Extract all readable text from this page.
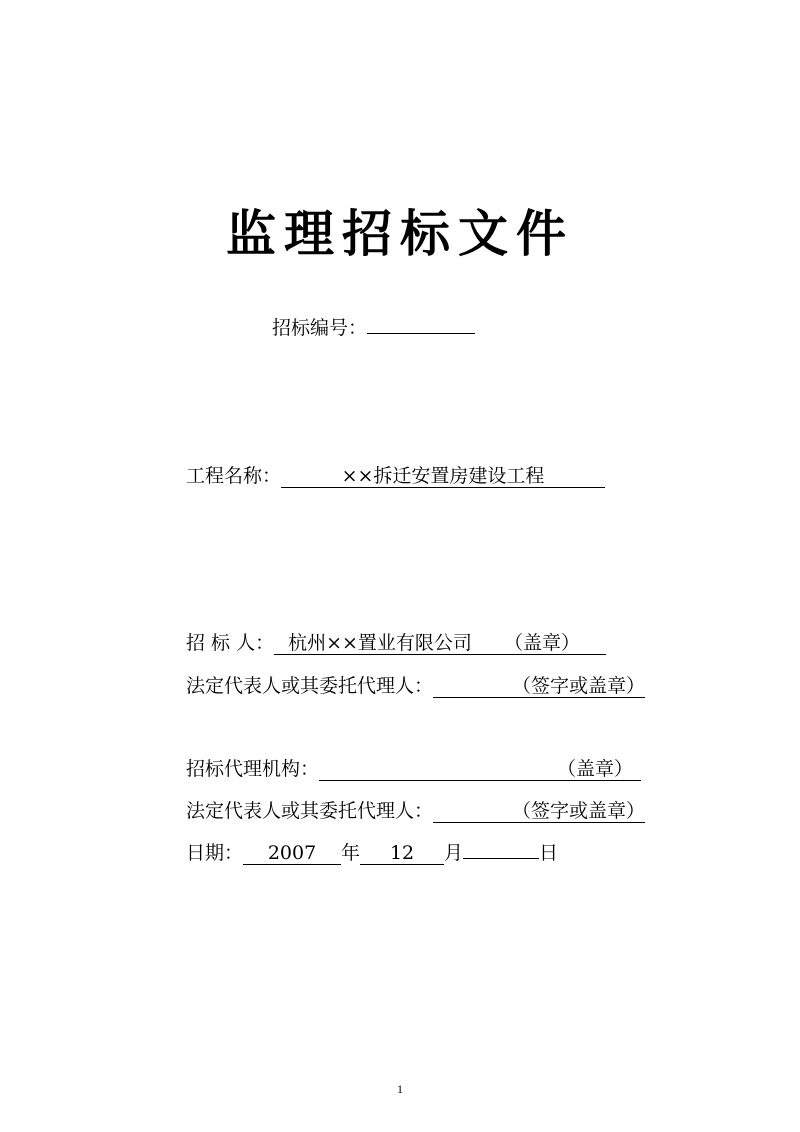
监理招标文件
招标编号：
工程名称：	××拆迁安置房建设工程
招 标 人： 杭州××置业有限公司 （盖章）
法定代表人或其委托代理人：	（签字或盖章）
招标代理机构：	（盖章）
法定代表人或其委托代理人：	（签字或盖章）
日期： 2007 年 12 月	日
1
